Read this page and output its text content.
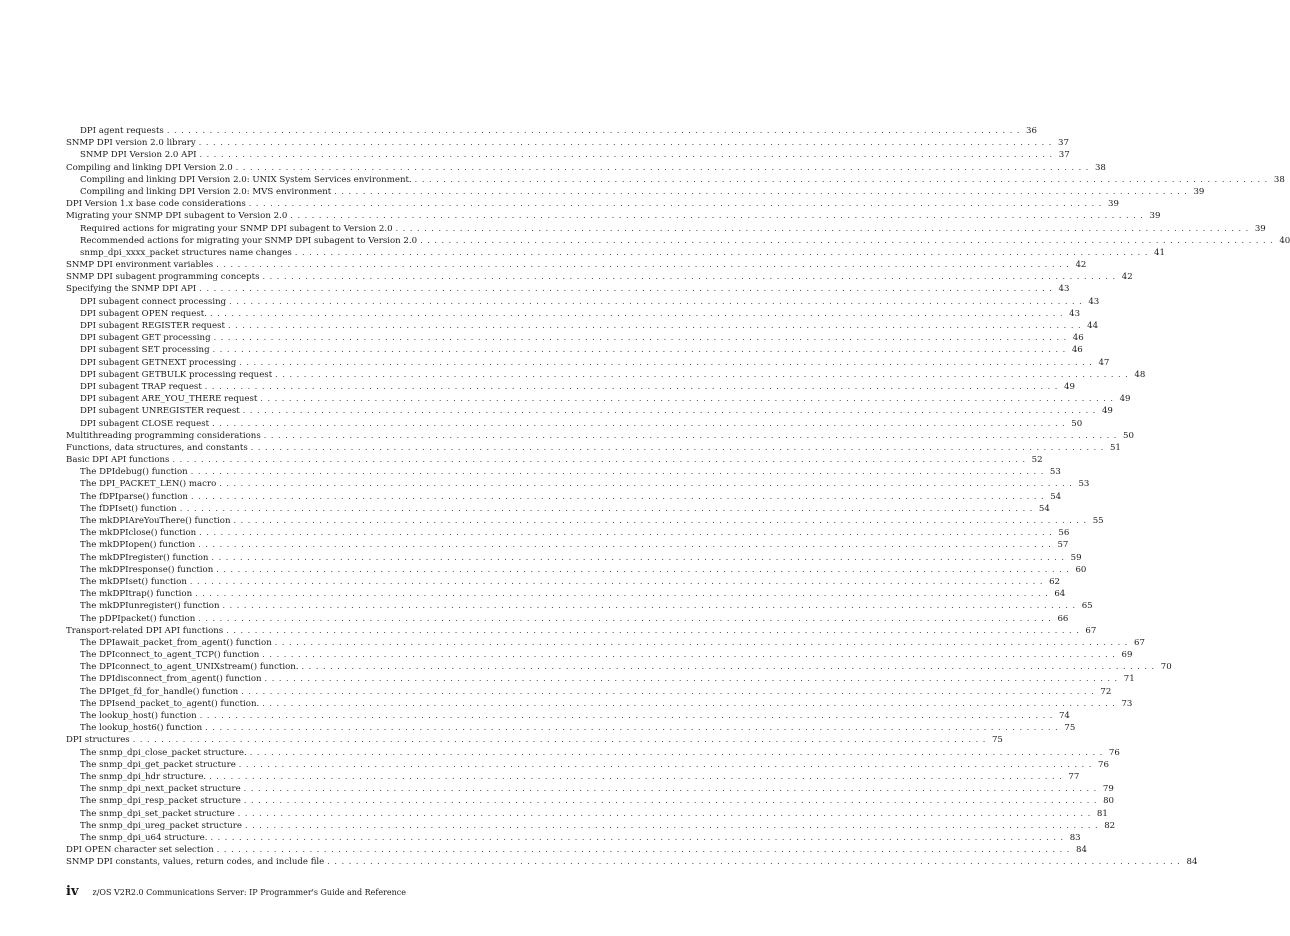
DPI agent requests ........................................................................................................................ 36
SNMP DPI version 2.0 library ........................................................................................................................ 37
SNMP DPI Version 2.0 API ........................................................................................................................ 37
Compiling and linking DPI Version 2.0 ........................................................................................................................ 38
Compiling and linking DPI Version 2.0: UNIX System Services environment. ........................................................................................................................ 38
Compiling and linking DPI Version 2.0: MVS environment ........................................................................................................................ 39
DPI Version 1.x base code considerations ........................................................................................................................ 39
Migrating your SNMP DPI subagent to Version 2.0 ........................................................................................................................ 39
Required actions for migrating your SNMP DPI subagent to Version 2.0 ........................................................................................................................ 39
Recommended actions for migrating your SNMP DPI subagent to Version 2.0 ........................................................................................................................ 40
snmp_dpi_xxxx_packet structures name changes ........................................................................................................................ 41
SNMP DPI environment variables ........................................................................................................................ 42
SNMP DPI subagent programming concepts ........................................................................................................................ 42
Specifying the SNMP DPI API ........................................................................................................................ 43
DPI subagent connect processing ........................................................................................................................ 43
DPI subagent OPEN request. ........................................................................................................................ 43
DPI subagent REGISTER request ........................................................................................................................ 44
DPI subagent GET processing ........................................................................................................................ 46
DPI subagent SET processing ........................................................................................................................ 46
DPI subagent GETNEXT processing ........................................................................................................................ 47
DPI subagent GETBULK processing request ........................................................................................................................ 48
DPI subagent TRAP request ........................................................................................................................ 49
DPI subagent ARE_YOU_THERE request ........................................................................................................................ 49
DPI subagent UNREGISTER request ........................................................................................................................ 49
DPI subagent CLOSE request ........................................................................................................................ 50
Multithreading programming considerations ........................................................................................................................ 50
Functions, data structures, and constants ........................................................................................................................ 51
Basic DPI API functions ........................................................................................................................ 52
The DPIdebug() function ........................................................................................................................ 53
The DPI_PACKET_LEN() macro ........................................................................................................................ 53
The fDPIparse() function ........................................................................................................................ 54
The fDPIset() function ........................................................................................................................ 54
The mkDPIAreYouThere() function ........................................................................................................................ 55
The mkDPIclose() function ........................................................................................................................ 56
The mkDPIopen() function ........................................................................................................................ 57
The mkDPIregister() function ........................................................................................................................ 59
The mkDPIresponse() function ........................................................................................................................ 60
The mkDPIset() function ........................................................................................................................ 62
The mkDPItrap() function ........................................................................................................................ 64
The mkDPIunregister() function ........................................................................................................................ 65
The pDPIpacket() function ........................................................................................................................ 66
Transport-related DPI API functions ........................................................................................................................ 67
The DPIawait_packet_from_agent() function ........................................................................................................................ 67
The DPIconnect_to_agent_TCP() function ........................................................................................................................ 69
The DPIconnect_to_agent_UNIXstream() function. ........................................................................................................................ 70
The DPIdisconnect_from_agent() function ........................................................................................................................ 71
The DPIget_fd_for_handle() function ........................................................................................................................ 72
The DPIsend_packet_to_agent() function. ........................................................................................................................ 73
The lookup_host() function ........................................................................................................................ 74
The lookup_host6() function ........................................................................................................................ 75
DPI structures ........................................................................................................................ 75
The snmp_dpi_close_packet structure. ........................................................................................................................ 76
The snmp_dpi_get_packet structure ........................................................................................................................ 76
The snmp_dpi_hdr structure. ........................................................................................................................ 77
The snmp_dpi_next_packet structure ........................................................................................................................ 79
The snmp_dpi_resp_packet structure ........................................................................................................................ 80
The snmp_dpi_set_packet structure ........................................................................................................................ 81
The snmp_dpi_ureg_packet structure ........................................................................................................................ 82
The snmp_dpi_u64 structure. ........................................................................................................................ 83
DPI OPEN character set selection ........................................................................................................................ 84
SNMP DPI constants, values, return codes, and include file ........................................................................................................................ 84
iv z/OS V2R2.0 Communications Server: IP Programmer's Guide and Reference
